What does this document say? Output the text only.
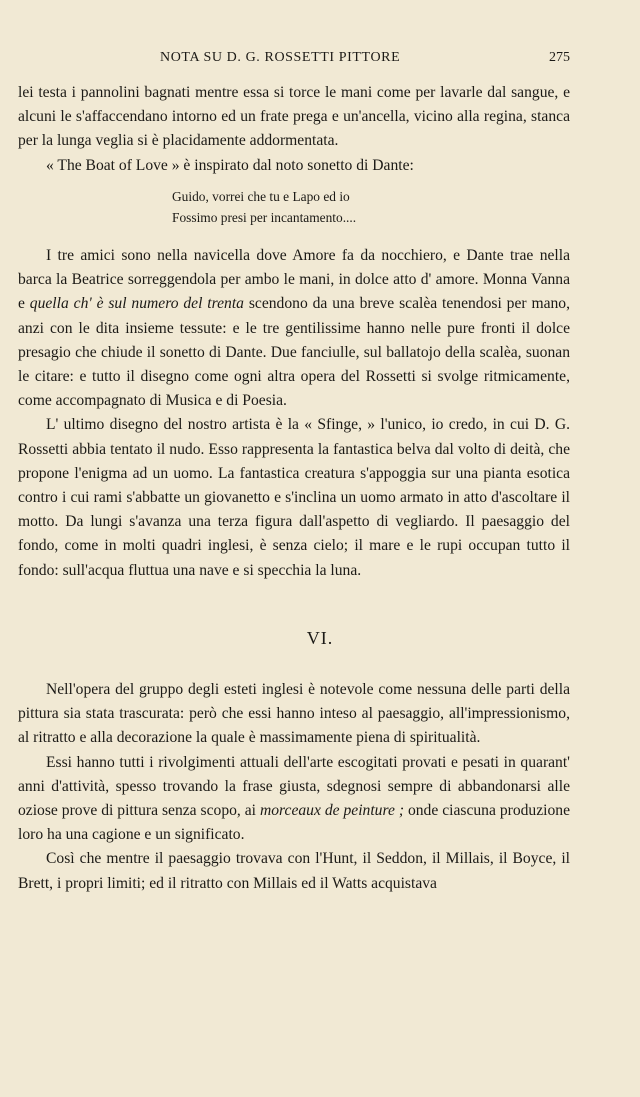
NOTA SU D. G. ROSSETTI PITTORE	275

lei testa i pannolini bagnati mentre essa si torce le mani come per lavarle dal sangue, e alcuni le s'affaccendano intorno ed un frate prega e un'ancella, vicino alla regina, stanca per la lunga veglia si è placidamente addormentata.

« The Boat of Love » è inspirato dal noto sonetto di Dante:

Guido, vorrei che tu e Lapo ed io
Fossimo presi per incantamento....

I tre amici sono nella navicella dove Amore fa da nocchiero, e Dante trae nella barca la Beatrice sorreggendola per ambo le mani, in dolce atto d' amore. Monna Vanna e quella ch' è sul numero del trenta scendono da una breve scalèa tenendosi per mano, anzi con le dita insieme tessute: e le tre gentilissime hanno nelle pure fronti il dolce presagio che chiude il sonetto di Dante. Due fanciulle, sul ballatojo della scalèa, suonan le citare: e tutto il disegno come ogni altra opera del Rossetti si svolge ritmicamente, come accompagnato di Musica e di Poesia.

L' ultimo disegno del nostro artista è la « Sfinge, » l'unico, io credo, in cui D. G. Rossetti abbia tentato il nudo. Esso rappresenta la fantastica belva dal volto di deità, che propone l'enigma ad un uomo. La fantastica creatura s'appoggia sur una pianta esotica contro i cui rami s'abbatte un giovanetto e s'inclina un uomo armato in atto d'ascoltare il motto. Da lungi s'avanza una terza figura dall'aspetto di vegliardo. Il paesaggio del fondo, come in molti quadri inglesi, è senza cielo; il mare e le rupi occupan tutto il fondo: sull'acqua fluttua una nave e si specchia la luna.

VI.

Nell'opera del gruppo degli esteti inglesi è notevole come nessuna delle parti della pittura sia stata trascurata: però che essi hanno inteso al paesaggio, all'impressionismo, al ritratto e alla decorazione la quale è massimamente piena di spiritualità.

Essi hanno tutti i rivolgimenti attuali dell'arte escogitati provati e pesati in quarant' anni d'attività, spesso trovando la frase giusta, sdegnosi sempre di abbandonarsi alle oziose prove di pittura senza scopo, ai morceaux de peinture ; onde ciascuna produzione loro ha una cagione e un significato.

Così che mentre il paesaggio trovava con l'Hunt, il Seddon, il Millais, il Boyce, il Brett, i propri limiti; ed il ritratto con Millais ed il Watts acquistava
